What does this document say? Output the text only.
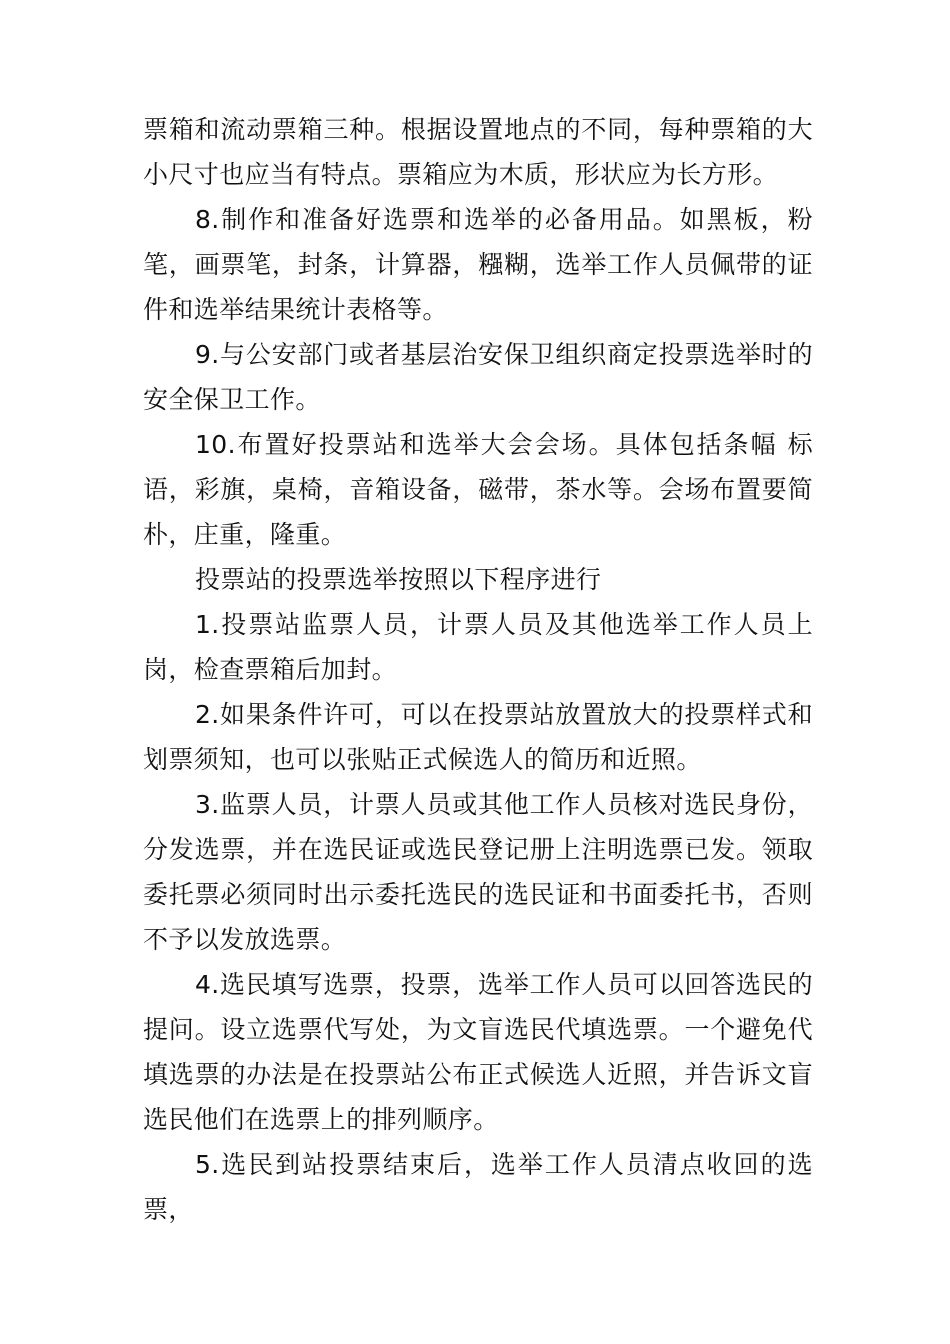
票箱和流动票箱三种。根据设置地点的不同，每种票箱的大小尺寸也应当有特点。票箱应为木质，形状应为长方形。

8.制作和准备好选票和选举的必备用品。如黑板，粉笔，画票笔，封条，计算器，糨糊，选举工作人员佩带的证件和选举结果统计表格等。

9.与公安部门或者基层治安保卫组织商定投票选举时的安全保卫工作。

10.布置好投票站和选举大会会场。具体包括条幅 标语，彩旗，桌椅，音箱设备，磁带，茶水等。会场布置要简朴，庄重，隆重。

投票站的投票选举按照以下程序进行

1.投票站监票人员，计票人员及其他选举工作人员上岗，检查票箱后加封。

2.如果条件许可，可以在投票站放置放大的投票样式和划票须知，也可以张贴正式候选人的简历和近照。

3.监票人员，计票人员或其他工作人员核对选民身份，分发选票，并在选民证或选民登记册上注明选票已发。领取委托票必须同时出示委托选民的选民证和书面委托书，否则不予以发放选票。

4.选民填写选票，投票，选举工作人员可以回答选民的提问。设立选票代写处，为文盲选民代填选票。一个避免代填选票的办法是在投票站公布正式候选人近照，并告诉文盲选民他们在选票上的排列顺序。

5.选民到站投票结束后，选举工作人员清点收回的选票，
